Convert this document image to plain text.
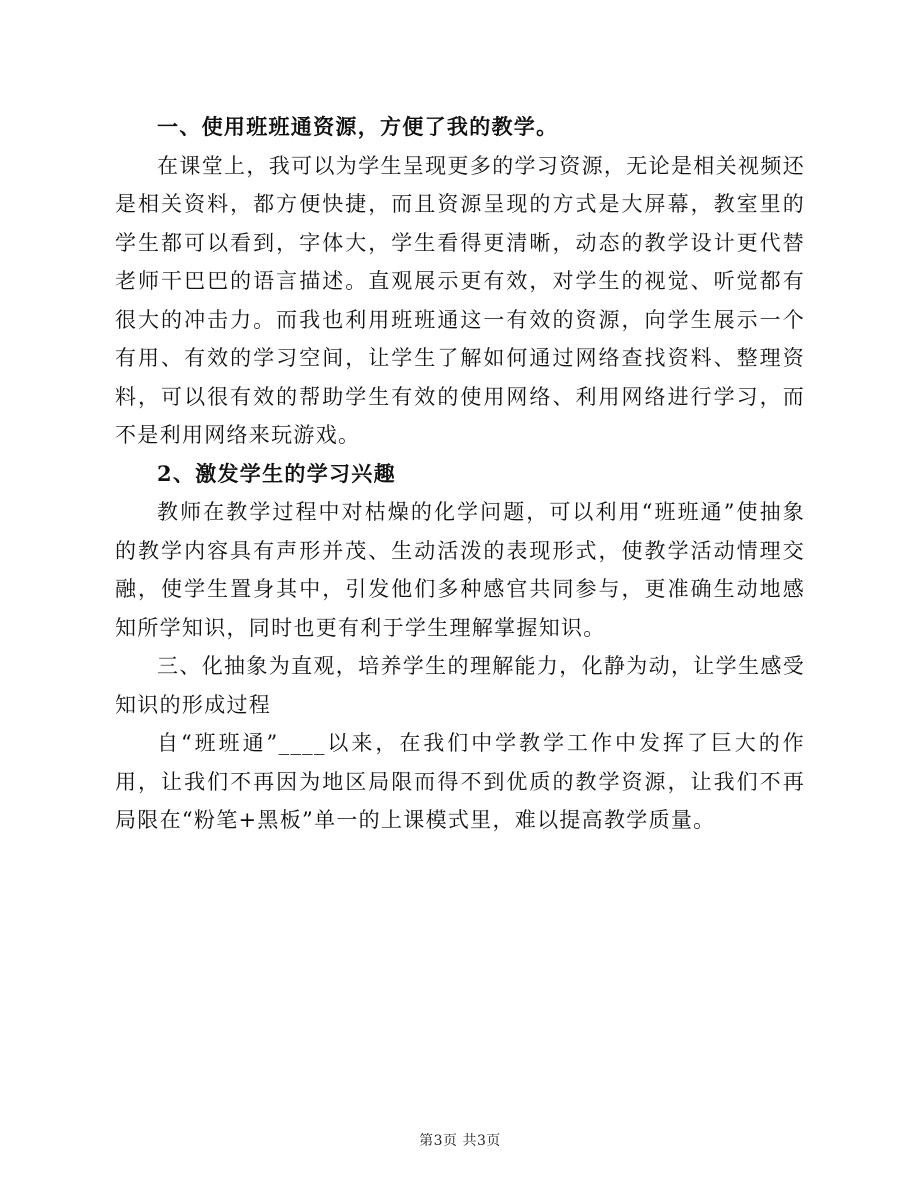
一、使用班班通资源，方便了我的教学。

在课堂上，我可以为学生呈现更多的学习资源，无论是相关视频还是相关资料，都方便快捷，而且资源呈现的方式是大屏幕，教室里的学生都可以看到，字体大，学生看得更清晰，动态的教学设计更代替老师干巴巴的语言描述。直观展示更有效，对学生的视觉、听觉都有很大的冲击力。而我也利用班班通这一有效的资源，向学生展示一个有用、有效的学习空间，让学生了解如何通过网络查找资料、整理资料，可以很有效的帮助学生有效的使用网络、利用网络进行学习，而不是利用网络来玩游戏。

2、激发学生的学习兴趣

教师在教学过程中对枯燥的化学问题，可以利用“班班通”使抽象的教学内容具有声形并茂、生动活泼的表现形式，使教学活动情理交融，使学生置身其中，引发他们多种感官共同参与，更准确生动地感知所学知识，同时也更有利于学生理解掌握知识。

三、化抽象为直观，培养学生的理解能力，化静为动，让学生感受知识的形成过程

自“班班通”____以来，在我们中学教学工作中发挥了巨大的作用，让我们不再因为地区局限而得不到优质的教学资源，让我们不再局限在“粉笔+黑板”单一的上课模式里，难以提高教学质量。

第3页 共3页
